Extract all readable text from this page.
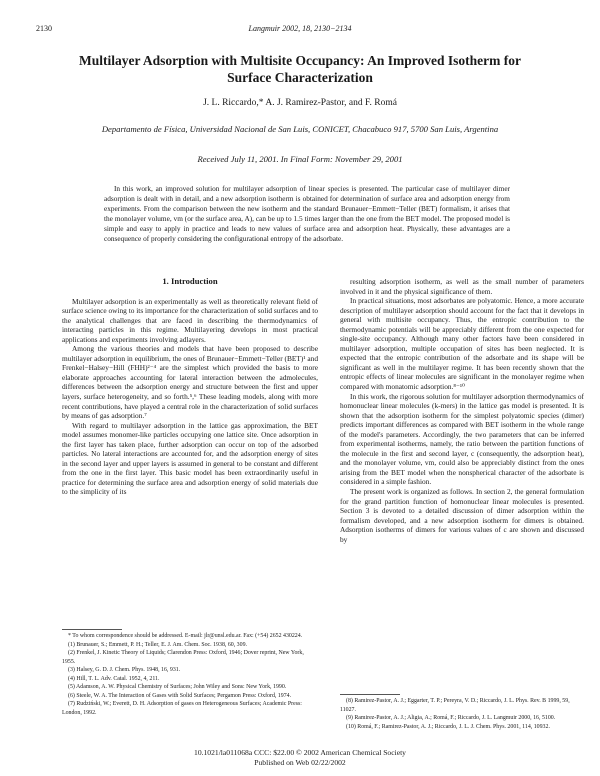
2130	Langmuir 2002, 18, 2130−2134
Multilayer Adsorption with Multisite Occupancy: An Improved Isotherm for Surface Characterization
J. L. Riccardo,* A. J. Ramirez-Pastor, and F. Romá
Departamento de Física, Universidad Nacional de San Luis, CONICET, Chacabuco 917, 5700 San Luis, Argentina
Received July 11, 2001. In Final Form: November 29, 2001
In this work, an improved solution for multilayer adsorption of linear species is presented. The particular case of multilayer dimer adsorption is dealt with in detail, and a new adsorption isotherm is obtained for determination of surface area and adsorption energy from experiments. From the comparison between the new isotherm and the standard Brunauer−Emmett−Teller (BET) formalism, it arises that the monolayer volume, vm (or the surface area, A), can be up to 1.5 times larger than the one from the BET model. The proposed model is simple and easy to apply in practice and leads to new values of surface area and adsorption heat. Physically, these advantages are a consequence of properly considering the configurational entropy of the adsorbate.
1. Introduction

Multilayer adsorption is an experimentally as well as theoretically relevant field of surface science owing to its importance for the characterization of solid surfaces and to the analytical challenges that are faced in describing the thermodynamics of interacting particles in this regime. Multilayering develops in most practical applications and experiments involving adlayers.

Among the various theories and models that have been proposed to describe multilayer adsorption in equilibrium, the ones of Brunauer−Emmett−Teller (BET)¹ and Frenkel−Halsey−Hill (FHH)²⁻⁴ are the simplest which provided the basis to more elaborate approaches accounting for lateral interaction between the admolecules, differences between the adsorption energy and structure between the first and upper layers, surface heterogeneity, and so forth.⁵,⁶ These leading models, along with more recent contributions, have played a central role in the characterization of solid surfaces by means of gas adsorption.⁷

With regard to multilayer adsorption in the lattice gas approximation, the BET model assumes monomer-like particles occupying one lattice site. Once adsorption in the first layer has taken place, further adsorption can occur on top of the adsorbed particles. No lateral interactions are accounted for, and the adsorption energy of sites in the second layer and upper layers is assumed in general to be constant and different from the one in the first layer. This basic model has been extraordinarily useful in practice for determining the surface area and adsorption energy of solid materials due to the simplicity of its

resulting adsorption isotherm, as well as the small number of parameters involved in it and the physical significance of them.

In practical situations, most adsorbates are polyatomic. Hence, a more accurate description of multilayer adsorption should account for the fact that it develops in general with multisite occupancy. Thus, the entropic contribution to the thermodynamic potentials will be appreciably different from the one expected for single-site occupancy. Although many other factors have been considered in multilayer adsorption, multiple occupation of sites has been neglected. It is expected that the entropic contribution of the adsorbate and its shape will be significant as well in the multilayer regime. It has been recently shown that the entropic effects of linear molecules are significant in the monolayer regime when compared with monatomic adsorption.⁸⁻¹⁰

In this work, the rigorous solution for multilayer adsorption thermodynamics of homonuclear linear molecules (k-mers) in the lattice gas model is presented. It is shown that the adsorption isotherm for the simplest polyatomic species (dimer) predicts important differences as compared with BET isotherm in the whole range of the model's parameters. Accordingly, the two parameters that can be inferred from experimental isotherms, namely, the ratio between the partition functions of the molecule in the first and second layer, c (consequently, the adsorption heat), and the monolayer volume, vm, could also be appreciably distinct from the ones arising from the BET model when the nonspherical character of the adsorbate is considered in a simple fashion.

The present work is organized as follows. In section 2, the general formulation for the grand partition function of homonuclear linear molecules is presented. Section 3 is devoted to a detailed discussion of dimer adsorption within the formalism developed, and a new adsorption isotherm for dimers is obtained. Adsorption isotherms of dimers for various values of c are shown and discussed by

* To whom correspondence should be addressed. E-mail: jlr@unsl.edu.ar. Fax: (+54) 2652 430224.
(1) Brunauer, S.; Emmett, P. H.; Teller, E. J. Am. Chem. Soc. 1938, 60, 309.
(2) Frenkel, J. Kinetic Theory of Liquids; Clarendon Press: Oxford, 1946; Dover reprint, New York, 1955.
(3) Halsey, G. D. J. Chem. Phys. 1948, 16, 931.
(4) Hill, T. L. Adv. Catal. 1952, 4, 211.
(5) Adamson, A. W. Physical Chemistry of Surfaces; John Wiley and Sons: New York, 1990.
(6) Steele, W. A. The Interaction of Gases with Solid Surfaces; Pergamon Press: Oxford, 1974.
(7) Rudziński, W.; Everett, D. H. Adsorption of gases on Heterogeneous Surfaces; Academic Press: London, 1992.
(8) Ramirez-Pastor, A. J.; Eggarter, T. P.; Pereyra, V. D.; Riccardo, J. L. Phys. Rev. B 1999, 59, 11027.
(9) Ramirez-Pastor, A. J.; Aligia, A.; Romá, F.; Riccardo, J. L. Langmuir 2000, 16, 5100.
(10) Romá, F.; Ramirez-Pastor, A. J.; Riccardo, J. L. J. Chem. Phys. 2001, 114, 10932.
10.1021/la011068a CCC: $22.00 © 2002 American Chemical Society
Published on Web 02/22/2002
